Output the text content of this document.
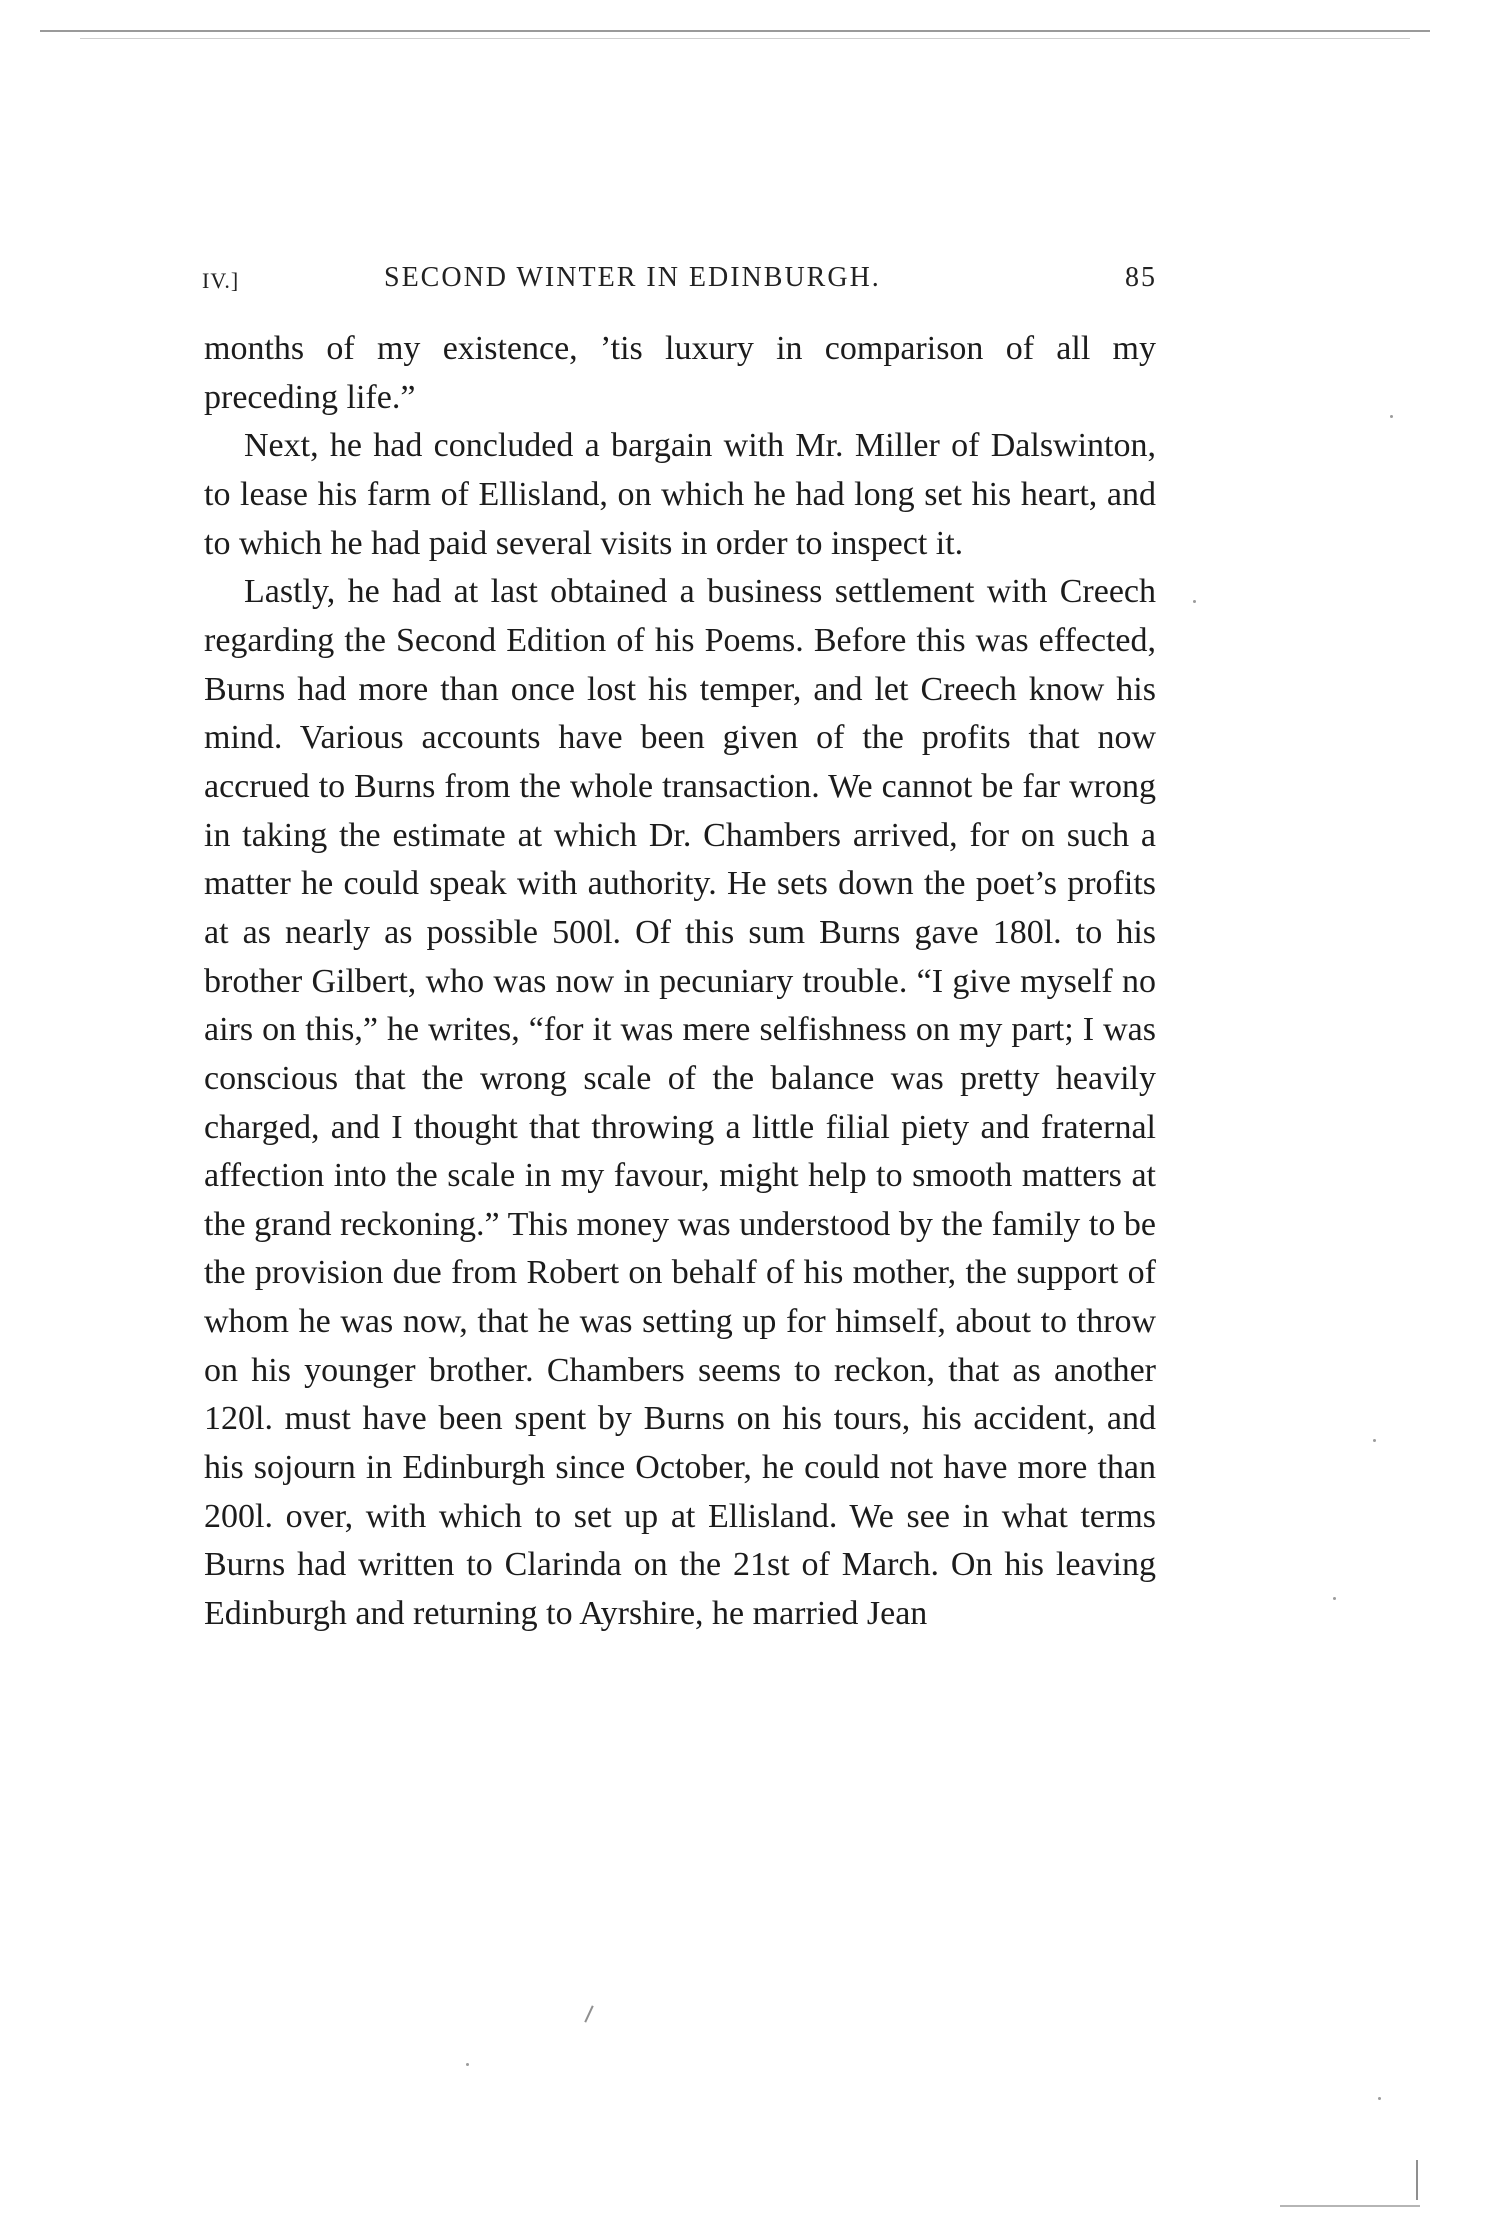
IV.]	SECOND WINTER IN EDINBURGH.	85

months of my existence, ’tis luxury in comparison of all my preceding life.”

Next, he had concluded a bargain with Mr. Miller of Dalswinton, to lease his farm of Ellisland, on which he had long set his heart, and to which he had paid several visits in order to inspect it.

Lastly, he had at last obtained a business settlement with Creech regarding the Second Edition of his Poems. Before this was effected, Burns had more than once lost his temper, and let Creech know his mind. Various accounts have been given of the profits that now accrued to Burns from the whole transaction. We cannot be far wrong in taking the estimate at which Dr. Chambers arrived, for on such a matter he could speak with authority. He sets down the poet’s profits at as nearly as possible 500l. Of this sum Burns gave 180l. to his brother Gilbert, who was now in pecuniary trouble. “I give myself no airs on this,” he writes, “for it was mere selfishness on my part; I was conscious that the wrong scale of the balance was pretty heavily charged, and I thought that throwing a little filial piety and fraternal affection into the scale in my favour, might help to smooth matters at the grand reckoning.” This money was understood by the family to be the provision due from Robert on behalf of his mother, the support of whom he was now, that he was setting up for himself, about to throw on his younger brother. Chambers seems to reckon, that as another 120l. must have been spent by Burns on his tours, his accident, and his sojourn in Edinburgh since October, he could not have more than 200l. over, with which to set up at Ellisland. We see in what terms Burns had written to Clarinda on the 21st of March. On his leaving Edinburgh and returning to Ayrshire, he married Jean
